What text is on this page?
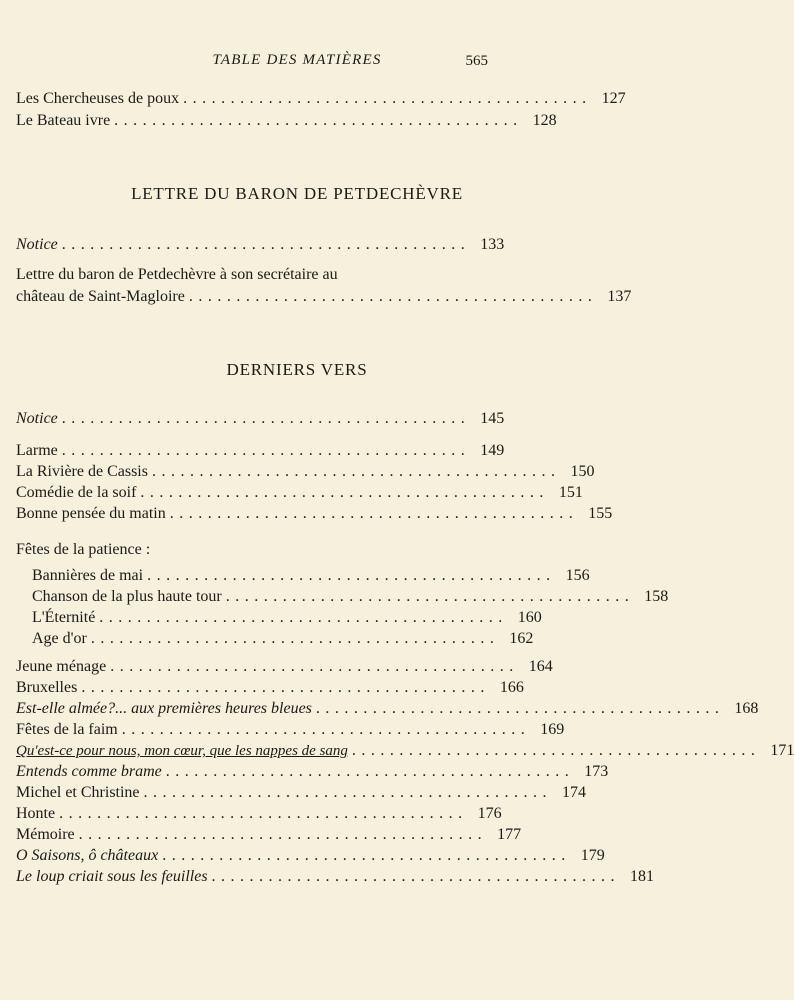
TABLE DES MATIÈRES	565
Les Chercheuses de poux ........................................... 127
Le Bateau ivre ........................................... 128
LETTRE DU BARON DE PETDECHÈVRE
Notice ........................................... 133
Lettre du baron de Petdechèvre à son secrétaire au
château de Saint-Magloire ........................................... 137
DERNIERS VERS
Notice ........................................... 145
Larme ........................................... 149
La Rivière de Cassis ........................................... 150
Comédie de la soif ........................................... 151
Bonne pensée du matin ........................................... 155
Fêtes de la patience :
Bannières de mai ........................................... 156
Chanson de la plus haute tour ........................................... 158
L'Éternité ........................................... 160
Age d'or ........................................... 162
Jeune ménage ........................................... 164
Bruxelles ........................................... 166
Est-elle almée?... aux premières heures bleues ........................................... 168
Fêtes de la faim ........................................... 169
Qu'est-ce pour nous, mon cœur, que les nappes de sang ........................................... 171
Entends comme brame ........................................... 173
Michel et Christine ........................................... 174
Honte ........................................... 176
Mémoire ........................................... 177
O Saisons, ô châteaux ........................................... 179
Le loup criait sous les feuilles ........................................... 181
